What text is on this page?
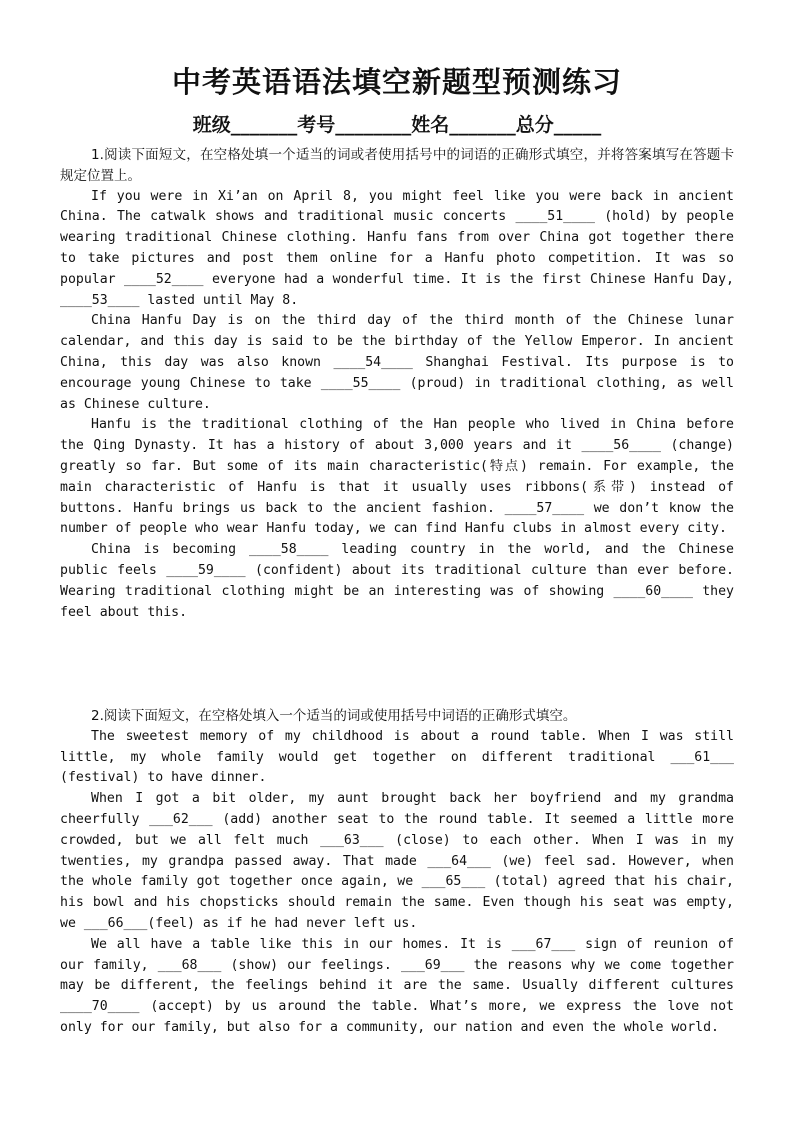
中考英语语法填空新题型预测练习
班级_______考号________姓名_______总分_____

1.阅读下面短文，在空格处填一个适当的词或者使用括号中的词语的正确形式填空，并将答案填写在答题卡规定位置上。

If you were in Xi’an on April 8, you might feel like you were back in ancient China. The catwalk shows and traditional music concerts ____51____ (hold) by people wearing traditional Chinese clothing. Hanfu fans from over China got together there to take pictures and post them online for a Hanfu photo competition. It was so popular ____52____ everyone had a wonderful time. It is the first Chinese Hanfu Day, ____53____ lasted until May 8.

China Hanfu Day is on the third day of the third month of the Chinese lunar calendar, and this day is said to be the birthday of the Yellow Emperor. In ancient China, this day was also known ____54____ Shanghai Festival. Its purpose is to encourage young Chinese to take ____55____ (proud) in traditional clothing, as well as Chinese culture.

Hanfu is the traditional clothing of the Han people who lived in China before the Qing Dynasty. It has a history of about 3,000 years and it ____56____ (change) greatly so far. But some of its main characteristic(特点) remain. For example, the main characteristic of Hanfu is that it usually uses ribbons(系带) instead of buttons. Hanfu brings us back to the ancient fashion. ____57____ we don’t know the number of people who wear Hanfu today, we can find Hanfu clubs in almost every city.

China is becoming ____58____ leading country in the world, and the Chinese public feels ____59____ (confident) about its traditional culture than ever before. Wearing traditional clothing might be an interesting was of showing ____60____ they feel about this.

2.阅读下面短文，在空格处填入一个适当的词或使用括号中词语的正确形式填空。

The sweetest memory of my childhood is about a round table. When I was still little, my whole family would get together on different traditional ___61___ (festival) to have dinner.

When I got a bit older, my aunt brought back her boyfriend and my grandma cheerfully ___62___ (add) another seat to the round table. It seemed a little more crowded, but we all felt much ___63___ (close) to each other. When I was in my twenties, my grandpa passed away. That made ___64___ (we) feel sad. However, when the whole family got together once again, we ___65___ (total) agreed that his chair, his bowl and his chopsticks should remain the same. Even though his seat was empty, we ___66___(feel) as if he had never left us.

We all have a table like this in our homes. It is ___67___ sign of reunion of our family, ___68___ (show) our feelings. ___69___ the reasons why we come together may be different, the feelings behind it are the same. Usually different cultures ____70____ (accept) by us around the table. What’s more, we express the love not only for our family, but also for a community, our nation and even the whole world.
